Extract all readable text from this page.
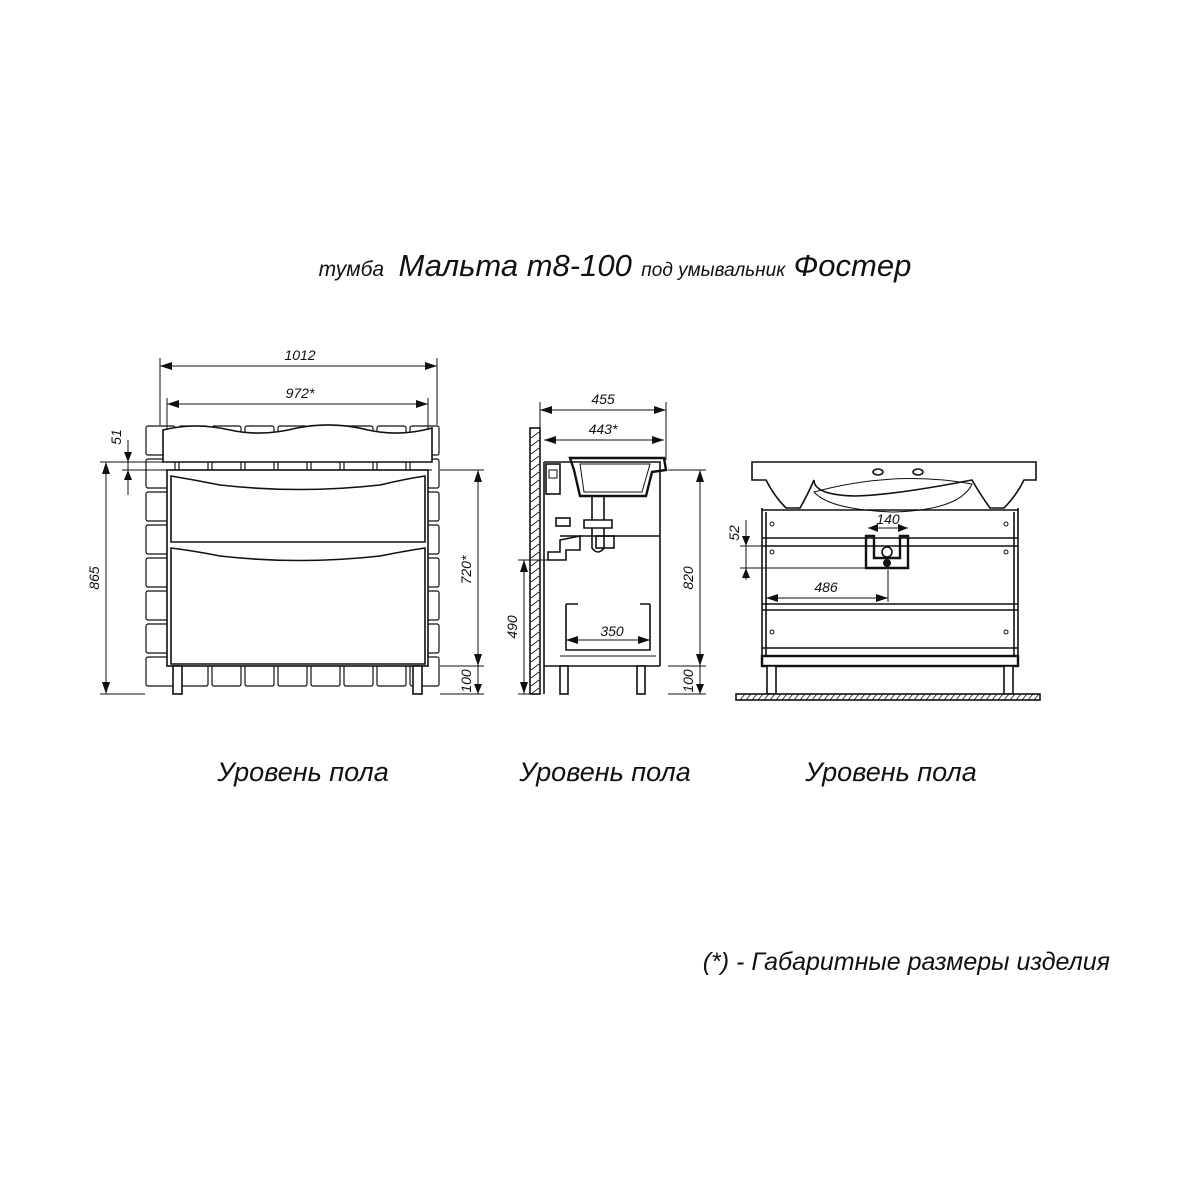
тумба Мальта т8-100 под умывальник Фостер
1012
972*
51
865	720*
100
Уровень пола
455
443*
820
100
490	350
Уровень пола
140
52
486
Уровень пола
(*) - Габаритные размеры изделия
